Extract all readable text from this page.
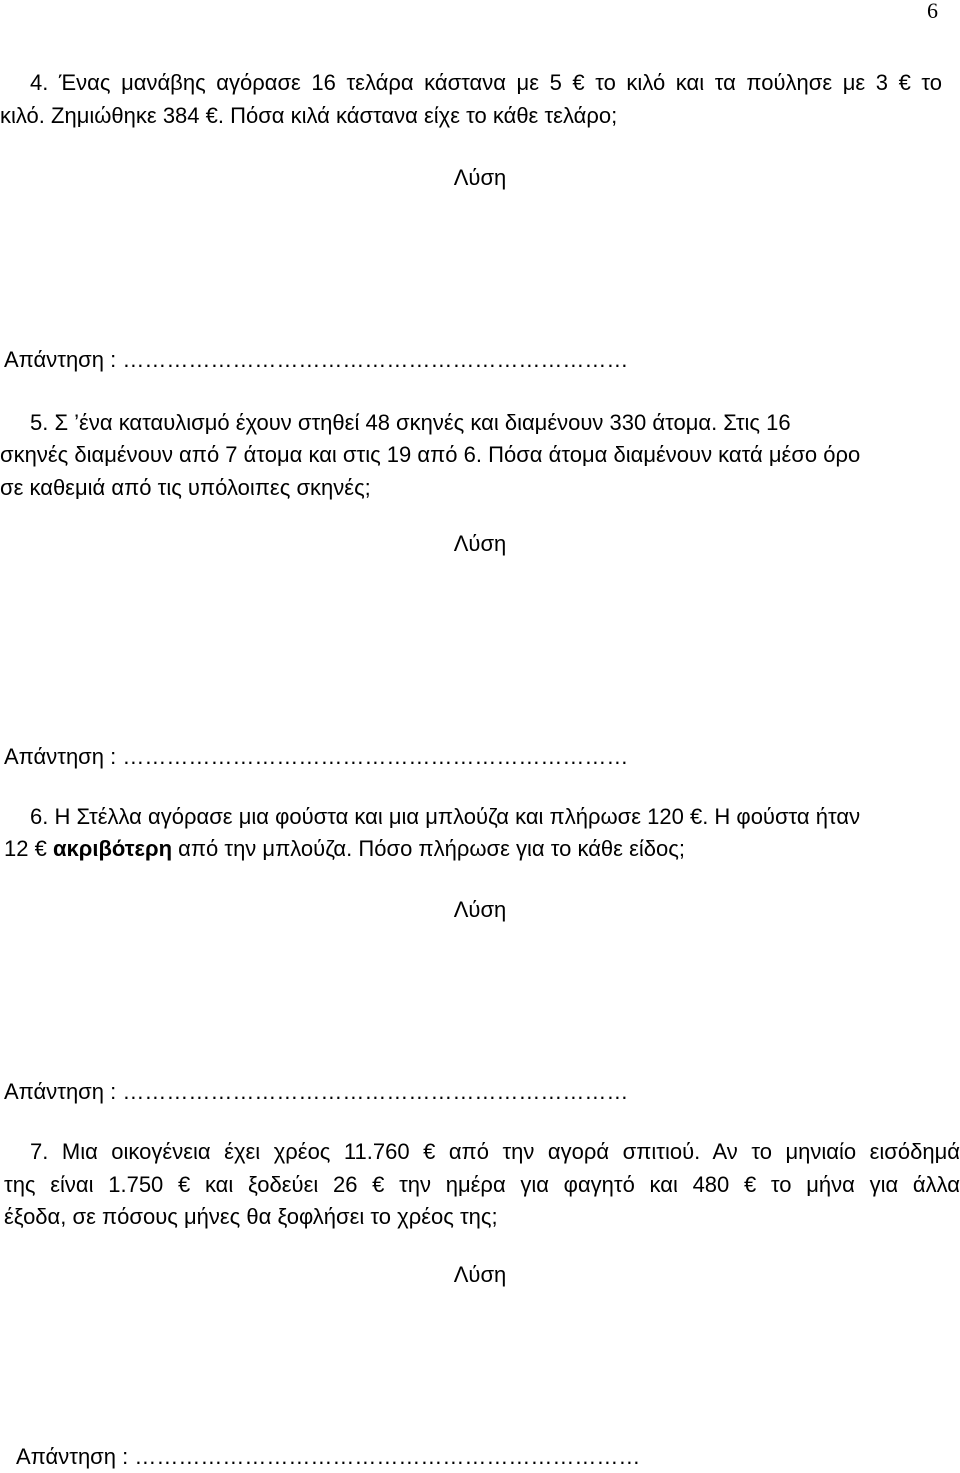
6
4. Ένας μανάβης αγόρασε 16 τελάρα κάστανα με 5 € το κιλό και τα πούλησε με 3 € το
κιλό. Ζημιώθηκε 384 €. Πόσα κιλά κάστανα είχε το κάθε τελάρο;
Λύση
Απάντηση : ……………………………………………………………
5. Σ ’ένα καταυλισμό έχουν στηθεί 48 σκηνές και διαμένουν 330 άτομα. Στις 16
σκηνές διαμένουν από 7 άτομα και στις 19 από 6. Πόσα άτομα διαμένουν κατά μέσο όρο
σε καθεμιά από τις υπόλοιπες σκηνές;
Λύση
Απάντηση : ……………………………………………………………
6. Η Στέλλα αγόρασε μια φούστα και μια μπλούζα και πλήρωσε 120 €. Η φούστα ήταν
12 € ακριβότερη από την μπλούζα. Πόσο πλήρωσε για το κάθε είδος;
Λύση
Απάντηση : ……………………………………………………………
7. Μια οικογένεια έχει χρέος 11.760 € από την αγορά σπιτιού. Αν το μηνιαίο εισόδημά
της είναι 1.750 € και ξοδεύει 26 € την ημέρα για φαγητό και 480 € το μήνα για άλλα
έξοδα, σε πόσους μήνες θα ξοφλήσει το χρέος της;
Λύση
Απάντηση : ……………………………………………………………
